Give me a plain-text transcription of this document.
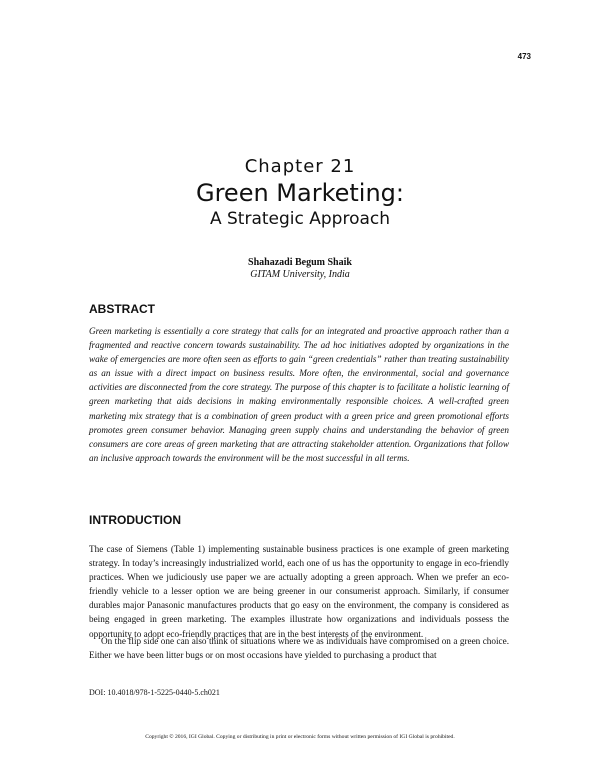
473
Chapter 21
Green Marketing:
A Strategic Approach
Shahazadi Begum Shaik
GITAM University, India
ABSTRACT

Green marketing is essentially a core strategy that calls for an integrated and proactive approach rather than a fragmented and reactive concern towards sustainability. The ad hoc initiatives adopted by organizations in the wake of emergencies are more often seen as efforts to gain “green credentials” rather than treating sustainability as an issue with a direct impact on business results. More often, the environmental, social and governance activities are disconnected from the core strategy. The purpose of this chapter is to facilitate a holistic learning of green marketing that aids decisions in making environmentally responsible choices. A well-crafted green marketing mix strategy that is a combination of green product with a green price and green promotional efforts promotes green consumer behavior. Managing green supply chains and understanding the behavior of green consumers are core areas of green marketing that are attracting stakeholder attention. Organizations that follow an inclusive approach towards the environment will be the most successful in all terms.

INTRODUCTION

The case of Siemens (Table 1) implementing sustainable business practices is one example of green marketing strategy. In today’s increasingly industrialized world, each one of us has the opportunity to engage in eco-friendly practices. When we judiciously use paper we are actually adopting a green approach. When we prefer an eco-friendly vehicle to a lesser option we are being greener in our consumerist approach. Similarly, if consumer durables major Panasonic manufactures products that go easy on the environment, the company is considered as being engaged in green marketing. The examples illustrate how organizations and individuals possess the opportunity to adopt eco-friendly practices that are in the best interests of the environment.

On the flip side one can also think of situations where we as individuals have compromised on a green choice. Either we have been litter bugs or on most occasions have yielded to purchasing a product that

DOI: 10.4018/978-1-5225-0440-5.ch021
Copyright © 2016, IGI Global. Copying or distributing in print or electronic forms without written permission of IGI Global is prohibited.
